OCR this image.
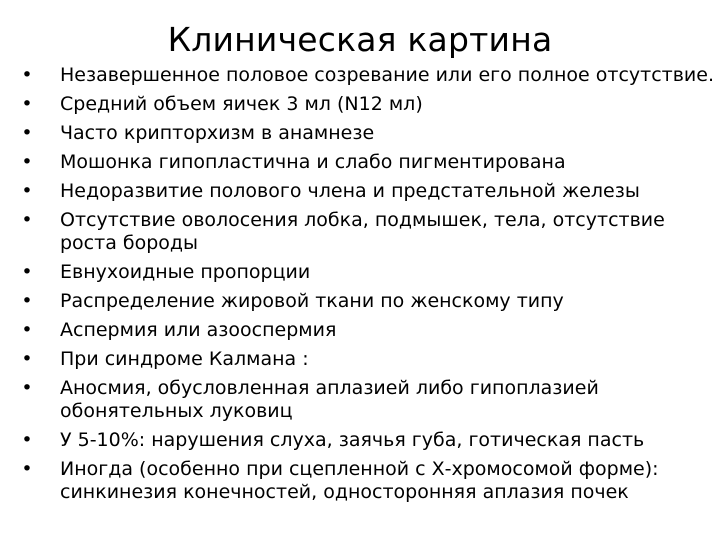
Клиническая картина
• Незавершенное половое созревание или его полное отсутствие.
• Средний объем яичек 3 мл (N12 мл)
• Часто крипторхизм в анамнезе
• Мошонка гипопластична и слабо пигментирована
• Недоразвитие полового члена и предстательной железы
• Отсутствие оволосения лобка, подмышек, тела, отсутствие роста бороды
• Евнухоидные пропорции
• Распределение жировой ткани по женскому типу
• Аспермия или азооспермия
• При синдроме Калмана :
• Аносмия, обусловленная аплазией либо гипоплазией обонятельных луковиц
• У 5-10%: нарушения слуха, заячья губа, готическая пасть
• Иногда (особенно при сцепленной с Х-хромосомой форме): синкинезия конечностей, односторонняя аплазия почек
